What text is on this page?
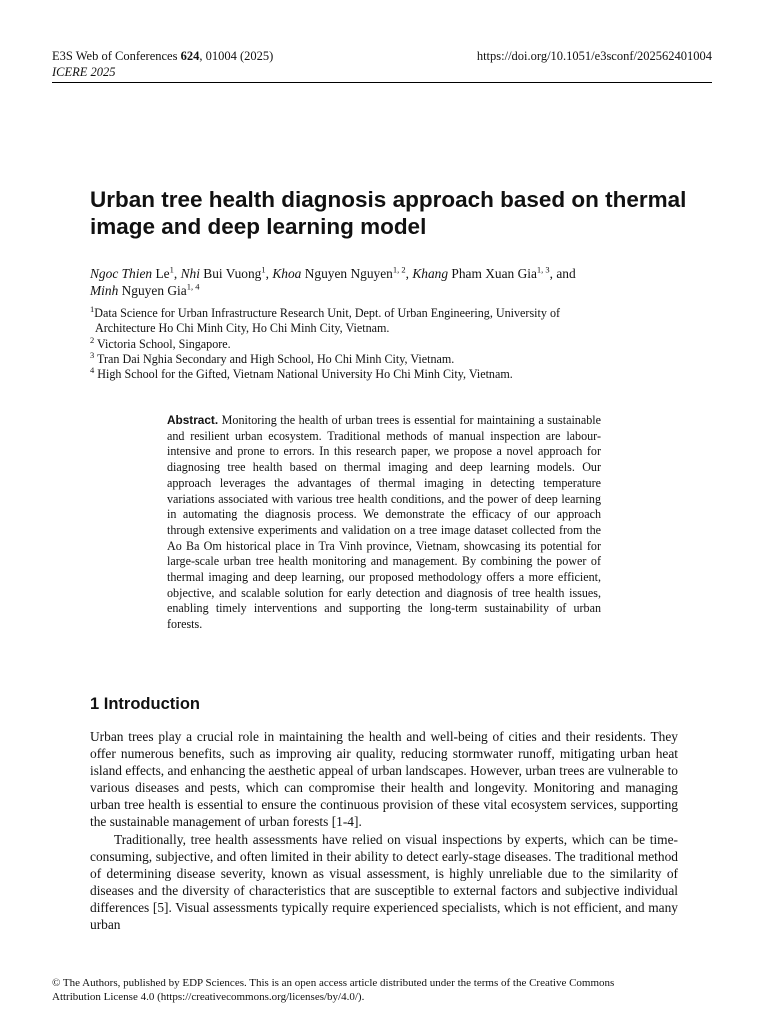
E3S Web of Conferences 624, 01004 (2025)
ICERE 2025
https://doi.org/10.1051/e3sconf/202562401004
Urban tree health diagnosis approach based on thermal image and deep learning model
Ngoc Thien Le$^1$, Nhi Bui Vuong$^1$, Khoa Nguyen Nguyen$^{1, 2}$, Khang Pham Xuan Gia$^{1, 3}$, and
Minh Nguyen Gia$^{1, 4}$
$^1$Data Science for Urban Infrastructure Research Unit, Dept. of Urban Engineering, University of
Architecture Ho Chi Minh City, Ho Chi Minh City, Vietnam.
$^2$ Victoria School, Singapore.
$^3$ Tran Dai Nghia Secondary and High School, Ho Chi Minh City, Vietnam.
$^4$ High School for the Gifted, Vietnam National University Ho Chi Minh City, Vietnam.
Abstract. Monitoring the health of urban trees is essential for maintaining a sustainable and resilient urban ecosystem. Traditional methods of manual inspection are labour-intensive and prone to errors. In this research paper, we propose a novel approach for diagnosing tree health based on thermal imaging and deep learning models. Our approach leverages the advantages of thermal imaging in detecting temperature variations associated with various tree health conditions, and the power of deep learning in automating the diagnosis process. We demonstrate the efficacy of our approach through extensive experiments and validation on a tree image dataset collected from the Ao Ba Om historical place in Tra Vinh province, Vietnam, showcasing its potential for large-scale urban tree health monitoring and management. By combining the power of thermal imaging and deep learning, our proposed methodology offers a more efficient, objective, and scalable solution for early detection and diagnosis of tree health issues, enabling timely interventions and supporting the long-term sustainability of urban forests.
1 Introduction

Urban trees play a crucial role in maintaining the health and well-being of cities and their residents. They offer numerous benefits, such as improving air quality, reducing stormwater runoff, mitigating urban heat island effects, and enhancing the aesthetic appeal of urban landscapes. However, urban trees are vulnerable to various diseases and pests, which can compromise their health and longevity. Monitoring and managing urban tree health is essential to ensure the continuous provision of these vital ecosystem services, supporting the sustainable management of urban forests [1-4].

Traditionally, tree health assessments have relied on visual inspections by experts, which can be time-consuming, subjective, and often limited in their ability to detect early-stage diseases. The traditional method of determining disease severity, known as visual assessment, is highly unreliable due to the similarity of diseases and the diversity of characteristics that are susceptible to external factors and subjective individual differences [5]. Visual assessments typically require experienced specialists, which is not efficient, and many urban

© The Authors, published by EDP Sciences. This is an open access article distributed under the terms of the Creative Commons
Attribution License 4.0 (https://creativecommons.org/licenses/by/4.0/).
